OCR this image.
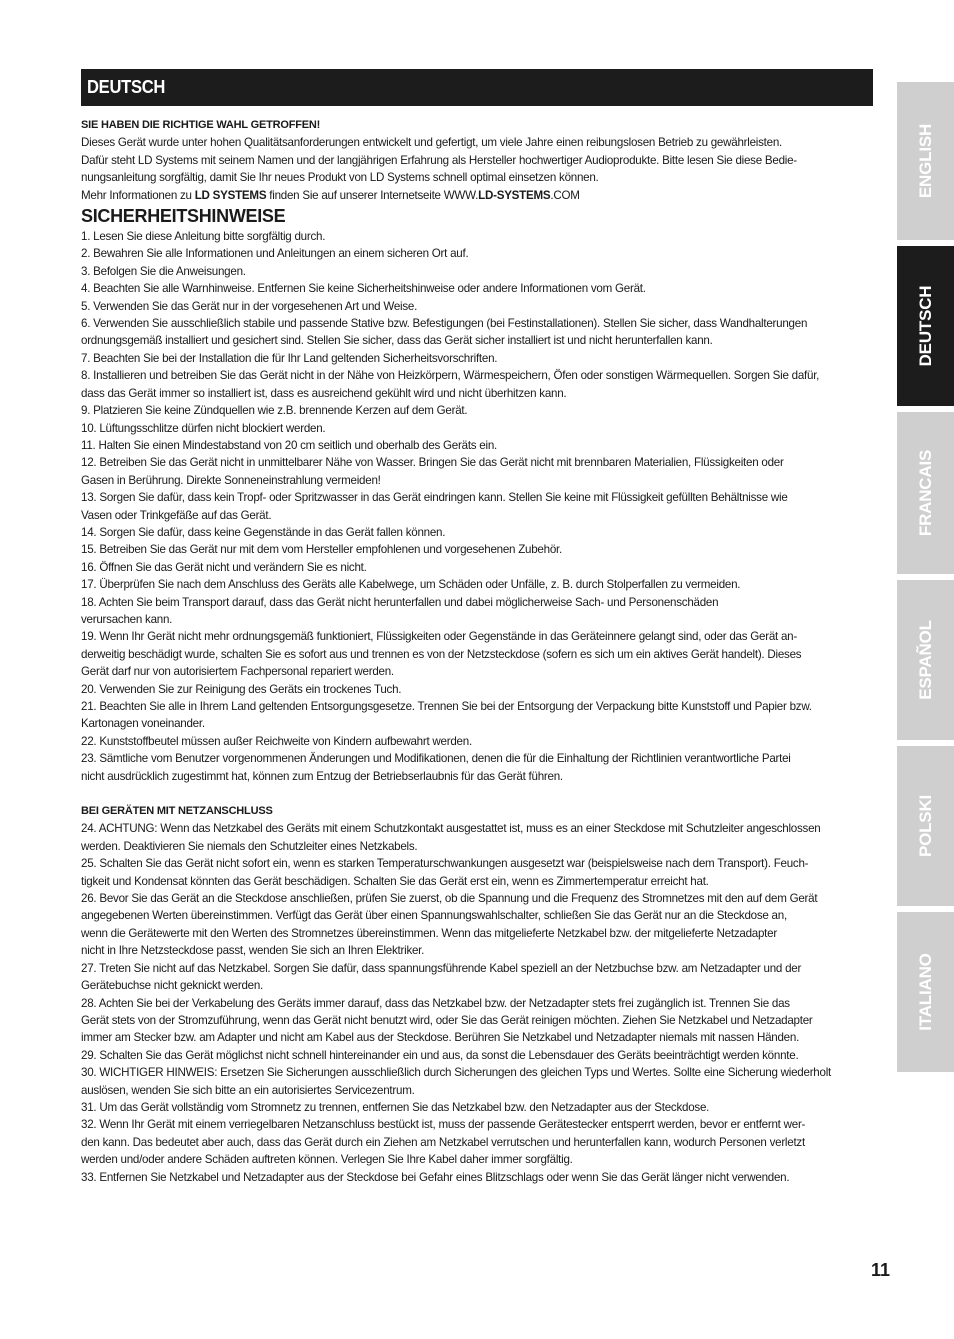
DEUTSCH

SIE HABEN DIE RICHTIGE WAHL GETROFFEN!

Dieses Gerät wurde unter hohen Qualitätsanforderungen entwickelt und gefertigt, um viele Jahre einen reibungslosen Betrieb zu gewährleisten.

Dafür steht LD Systems mit seinem Namen und der langjährigen Erfahrung als Hersteller hochwertiger Audioprodukte. Bitte lesen Sie diese Bedie-

nungsanleitung sorgfältig, damit Sie Ihr neues Produkt von LD Systems schnell optimal einsetzen können.

Mehr Informationen zu LD SYSTEMS finden Sie auf unserer Internetseite WWW.LD-SYSTEMS.COM

SICHERHEITSHINWEISE

1. Lesen Sie diese Anleitung bitte sorgfältig durch.

2. Bewahren Sie alle Informationen und Anleitungen an einem sicheren Ort auf.

3. Befolgen Sie die Anweisungen.

4. Beachten Sie alle Warnhinweise. Entfernen Sie keine Sicherheitshinweise oder andere Informationen vom Gerät.

5. Verwenden Sie das Gerät nur in der vorgesehenen Art und Weise.

6. Verwenden Sie ausschließlich stabile und passende Stative bzw. Befestigungen (bei Festinstallationen). Stellen Sie sicher, dass Wandhalterungen

ordnungsgemäß installiert und gesichert sind. Stellen Sie sicher, dass das Gerät sicher installiert ist und nicht herunterfallen kann.

7. Beachten Sie bei der Installation die für Ihr Land geltenden Sicherheitsvorschriften.

8. Installieren und betreiben Sie das Gerät nicht in der Nähe von Heizkörpern, Wärmespeichern, Öfen oder sonstigen Wärmequellen. Sorgen Sie dafür,

dass das Gerät immer so installiert ist, dass es ausreichend gekühlt wird und nicht überhitzen kann.

9. Platzieren Sie keine Zündquellen wie z.B. brennende Kerzen auf dem Gerät.

10. Lüftungsschlitze dürfen nicht blockiert werden.

11. Halten Sie einen Mindestabstand von 20 cm seitlich und oberhalb des Geräts ein.

12. Betreiben Sie das Gerät nicht in unmittelbarer Nähe von Wasser. Bringen Sie das Gerät nicht mit brennbaren Materialien, Flüssigkeiten oder

Gasen in Berührung. Direkte Sonneneinstrahlung vermeiden!

13. Sorgen Sie dafür, dass kein Tropf- oder Spritzwasser in das Gerät eindringen kann. Stellen Sie keine mit Flüssigkeit gefüllten Behältnisse wie

Vasen oder Trinkgefäße auf das Gerät.

14. Sorgen Sie dafür, dass keine Gegenstände in das Gerät fallen können.

15. Betreiben Sie das Gerät nur mit dem vom Hersteller empfohlenen und vorgesehenen Zubehör.

16. Öffnen Sie das Gerät nicht und verändern Sie es nicht.

17. Überprüfen Sie nach dem Anschluss des Geräts alle Kabelwege, um Schäden oder Unfälle, z. B. durch Stolperfallen zu vermeiden.

18. Achten Sie beim Transport darauf, dass das Gerät nicht herunterfallen und dabei möglicherweise Sach- und Personenschäden

verursachen kann.

19. Wenn Ihr Gerät nicht mehr ordnungsgemäß funktioniert, Flüssigkeiten oder Gegenstände in das Geräteinnere gelangt sind, oder das Gerät an-

derweitig beschädigt wurde, schalten Sie es sofort aus und trennen es von der Netzsteckdose (sofern es sich um ein aktives Gerät handelt). Dieses

Gerät darf nur von autorisiertem Fachpersonal repariert werden.

20. Verwenden Sie zur Reinigung des Geräts ein trockenes Tuch.

21. Beachten Sie alle in Ihrem Land geltenden Entsorgungsgesetze. Trennen Sie bei der Entsorgung der Verpackung bitte Kunststoff und Papier bzw.

Kartonagen voneinander.

22. Kunststoffbeutel müssen außer Reichweite von Kindern aufbewahrt werden.

23. Sämtliche vom Benutzer vorgenommenen Änderungen und Modifikationen, denen die für die Einhaltung der Richtlinien verantwortliche Partei

nicht ausdrücklich zugestimmt hat, können zum Entzug der Betriebserlaubnis für das Gerät führen.

BEI GERÄTEN MIT NETZANSCHLUSS

24. ACHTUNG: Wenn das Netzkabel des Geräts mit einem Schutzkontakt ausgestattet ist, muss es an einer Steckdose mit Schutzleiter angeschlossen

werden. Deaktivieren Sie niemals den Schutzleiter eines Netzkabels.

25. Schalten Sie das Gerät nicht sofort ein, wenn es starken Temperaturschwankungen ausgesetzt war (beispielsweise nach dem Transport). Feuch-

tigkeit und Kondensat könnten das Gerät beschädigen. Schalten Sie das Gerät erst ein, wenn es Zimmertemperatur erreicht hat.

26. Bevor Sie das Gerät an die Steckdose anschließen, prüfen Sie zuerst, ob die Spannung und die Frequenz des Stromnetzes mit den auf dem Gerät

angegebenen Werten übereinstimmen. Verfügt das Gerät über einen Spannungswahlschalter, schließen Sie das Gerät nur an die Steckdose an,

wenn die Gerätewerte mit den Werten des Stromnetzes übereinstimmen. Wenn das mitgelieferte Netzkabel bzw. der mitgelieferte Netzadapter

nicht in Ihre Netzsteckdose passt, wenden Sie sich an Ihren Elektriker.

27. Treten Sie nicht auf das Netzkabel. Sorgen Sie dafür, dass spannungsführende Kabel speziell an der Netzbuchse bzw. am Netzadapter und der

Gerätebuchse nicht geknickt werden.

28. Achten Sie bei der Verkabelung des Geräts immer darauf, dass das Netzkabel bzw. der Netzadapter stets frei zugänglich ist. Trennen Sie das

Gerät stets von der Stromzuführung, wenn das Gerät nicht benutzt wird, oder Sie das Gerät reinigen möchten. Ziehen Sie Netzkabel und Netzadapter

immer am Stecker bzw. am Adapter und nicht am Kabel aus der Steckdose. Berühren Sie Netzkabel und Netzadapter niemals mit nassen Händen.

29. Schalten Sie das Gerät möglichst nicht schnell hintereinander ein und aus, da sonst die Lebensdauer des Geräts beeinträchtigt werden könnte.

30. WICHTIGER HINWEIS: Ersetzen Sie Sicherungen ausschließlich durch Sicherungen des gleichen Typs und Wertes. Sollte eine Sicherung wiederholt

auslösen, wenden Sie sich bitte an ein autorisiertes Servicezentrum.

31. Um das Gerät vollständig vom Stromnetz zu trennen, entfernen Sie das Netzkabel bzw. den Netzadapter aus der Steckdose.

32. Wenn Ihr Gerät mit einem verriegelbaren Netzanschluss bestückt ist, muss der passende Gerätestecker entsperrt werden, bevor er entfernt wer-

den kann. Das bedeutet aber auch, dass das Gerät durch ein Ziehen am Netzkabel verrutschen und herunterfallen kann, wodurch Personen verletzt

werden und/oder andere Schäden auftreten können. Verlegen Sie Ihre Kabel daher immer sorgfältig.

33. Entfernen Sie Netzkabel und Netzadapter aus der Steckdose bei Gefahr eines Blitzschlags oder wenn Sie das Gerät länger nicht verwenden.

ENGLISH
DEUTSCH
FRANCAIS
ESPAÑOL
POLSKI
ITALIANO
11
